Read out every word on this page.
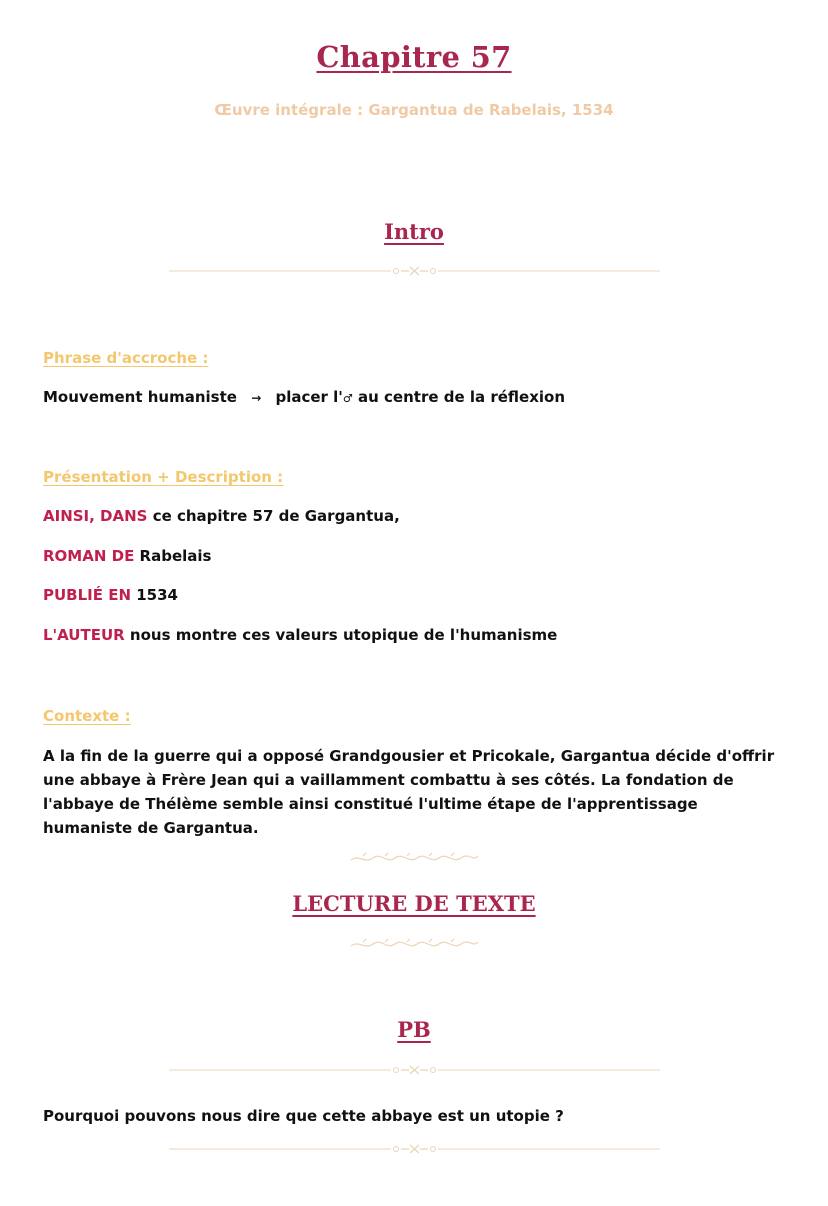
Chapitre 57
Œuvre intégrale : Gargantua de Rabelais, 1534
Intro
Phrase d'accroche :
Mouvement humaniste → placer l'♂ au centre de la réflexion
Présentation + Description :
AINSI, DANS ce chapitre 57 de Gargantua,
ROMAN DE Rabelais
PUBLIÉ EN 1534
L'AUTEUR nous montre ces valeurs utopique de l'humanisme
Contexte :
A la fin de la guerre qui a opposé Grandgousier et Pricokale, Gargantua décide d'offrir une abbaye à Frère Jean qui a vaillamment combattu à ses côtés. La fondation de l'abbaye de Thélème semble ainsi constitué l'ultime étape de l'apprentissage humaniste de Gargantua.
LECTURE DE TEXTE
PB
Pourquoi pouvons nous dire que cette abbaye est un utopie ?
